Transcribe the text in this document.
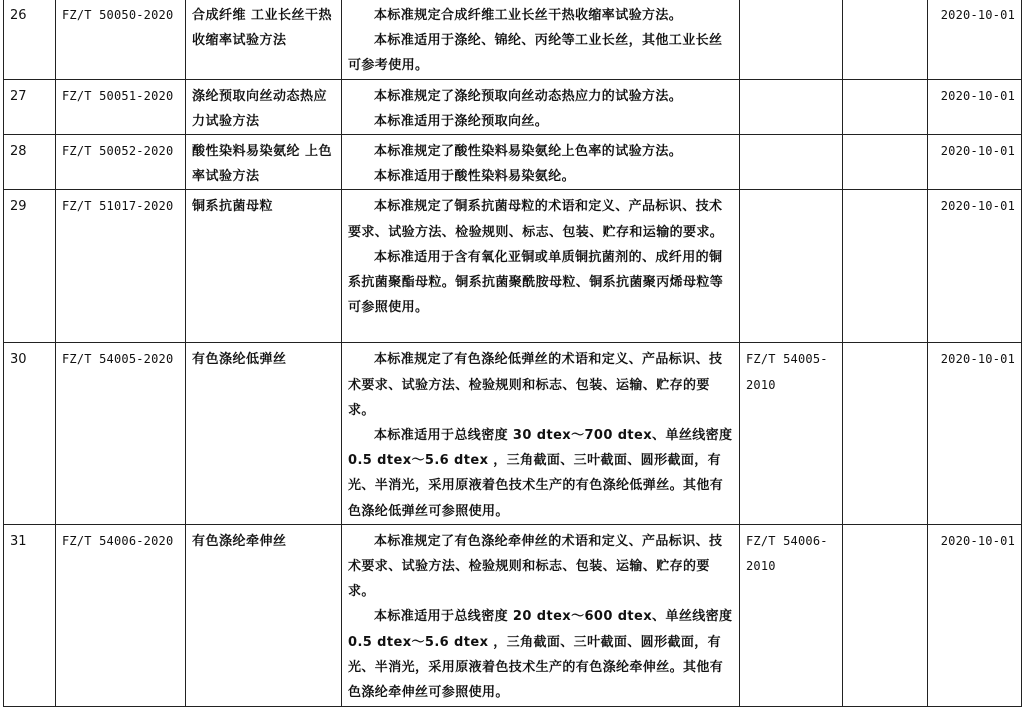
26	FZ/T 50050-2020	合成纤维 工业长丝干热收缩率试验方法	本标准规定合成纤维工业长丝干热收缩率试验方法。
本标准适用于涤纶、锦纶、丙纶等工业长丝，其他工业长丝可参考使用。			2020-10-01
27	FZ/T 50051-2020	涤纶预取向丝动态热应力试验方法	本标准规定了涤纶预取向丝动态热应力的试验方法。
本标准适用于涤纶预取向丝。			2020-10-01
28	FZ/T 50052-2020	酸性染料易染氨纶 上色率试验方法	本标准规定了酸性染料易染氨纶上色率的试验方法。
本标准适用于酸性染料易染氨纶。			2020-10-01
29	FZ/T 51017-2020	铜系抗菌母粒	本标准规定了铜系抗菌母粒的术语和定义、产品标识、技术要求、试验方法、检验规则、标志、包装、贮存和运输的要求。
本标准适用于含有氧化亚铜或单质铜抗菌剂的、成纤用的铜系抗菌聚酯母粒。铜系抗菌聚酰胺母粒、铜系抗菌聚丙烯母粒等可参照使用。			2020-10-01
30	FZ/T 54005-2020	有色涤纶低弹丝	本标准规定了有色涤纶低弹丝的术语和定义、产品标识、技术要求、试验方法、检验规则和标志、包装、运输、贮存的要求。
本标准适用于总线密度 30 dtex～700 dtex、单丝线密度 0.5 dtex～5.6 dtex ，三角截面、三叶截面、圆形截面，有光、半消光，采用原液着色技术生产的有色涤纶低弹丝。其他有色涤纶低弹丝可参照使用。	FZ/T 54005-2010		2020-10-01
31	FZ/T 54006-2020	有色涤纶牵伸丝	本标准规定了有色涤纶牵伸丝的术语和定义、产品标识、技术要求、试验方法、检验规则和标志、包装、运输、贮存的要求。
本标准适用于总线密度 20 dtex～600 dtex、单丝线密度 0.5 dtex～5.6 dtex ，三角截面、三叶截面、圆形截面，有光、半消光，采用原液着色技术生产的有色涤纶牵伸丝。其他有色涤纶牵伸丝可参照使用。	FZ/T 54006-2010		2020-10-01
